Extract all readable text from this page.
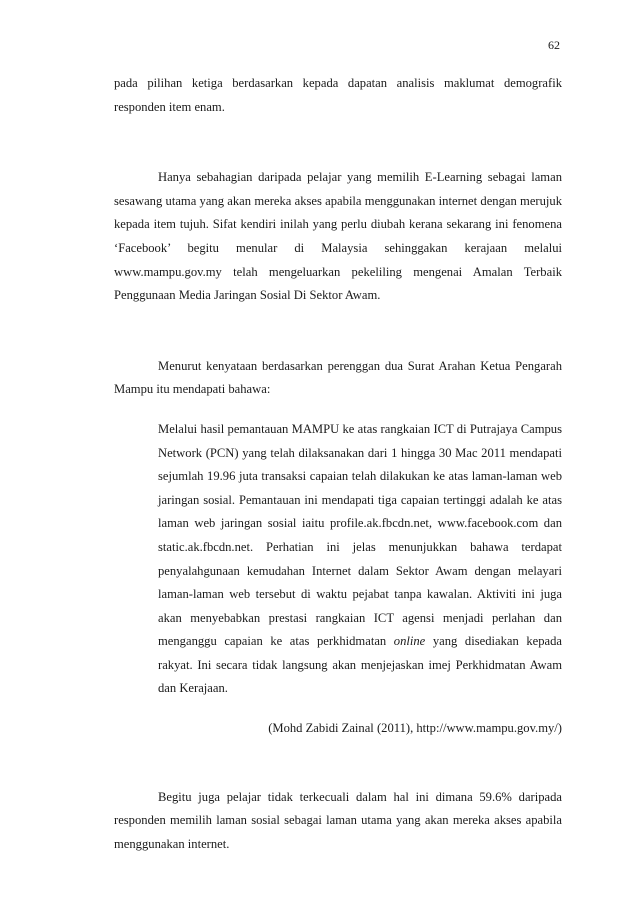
62

pada pilihan ketiga berdasarkan kepada dapatan analisis maklumat demografik responden item enam.

Hanya sebahagian daripada pelajar yang memilih E-Learning sebagai laman sesawang utama yang akan mereka akses apabila menggunakan internet dengan merujuk kepada item tujuh. Sifat kendiri inilah yang perlu diubah kerana sekarang ini fenomena ‘Facebook’ begitu menular di Malaysia sehinggakan kerajaan melalui www.mampu.gov.my telah mengeluarkan pekeliling mengenai Amalan Terbaik Penggunaan Media Jaringan Sosial Di Sektor Awam.

Menurut kenyataan berdasarkan perenggan dua Surat Arahan Ketua Pengarah Mampu itu mendapati bahawa:

Melalui hasil pemantauan MAMPU ke atas rangkaian ICT di Putrajaya Campus Network (PCN) yang telah dilaksanakan dari 1 hingga 30 Mac 2011 mendapati sejumlah 19.96 juta transaksi capaian telah dilakukan ke atas laman-laman web jaringan sosial. Pemantauan ini mendapati tiga capaian tertinggi adalah ke atas laman web jaringan sosial iaitu profile.ak.fbcdn.net, www.facebook.com dan static.ak.fbcdn.net. Perhatian ini jelas menunjukkan bahawa terdapat penyalahgunaan kemudahan Internet dalam Sektor Awam dengan melayari laman-laman web tersebut di waktu pejabat tanpa kawalan. Aktiviti ini juga akan menyebabkan prestasi rangkaian ICT agensi menjadi perlahan dan menganggu capaian ke atas perkhidmatan online yang disediakan kepada rakyat. Ini secara tidak langsung akan menjejaskan imej Perkhidmatan Awam dan Kerajaan.

(Mohd Zabidi Zainal (2011), http://www.mampu.gov.my/)

Begitu juga pelajar tidak terkecuali dalam hal ini dimana 59.6% daripada responden memilih laman sosial sebagai laman utama yang akan mereka akses apabila menggunakan internet.
